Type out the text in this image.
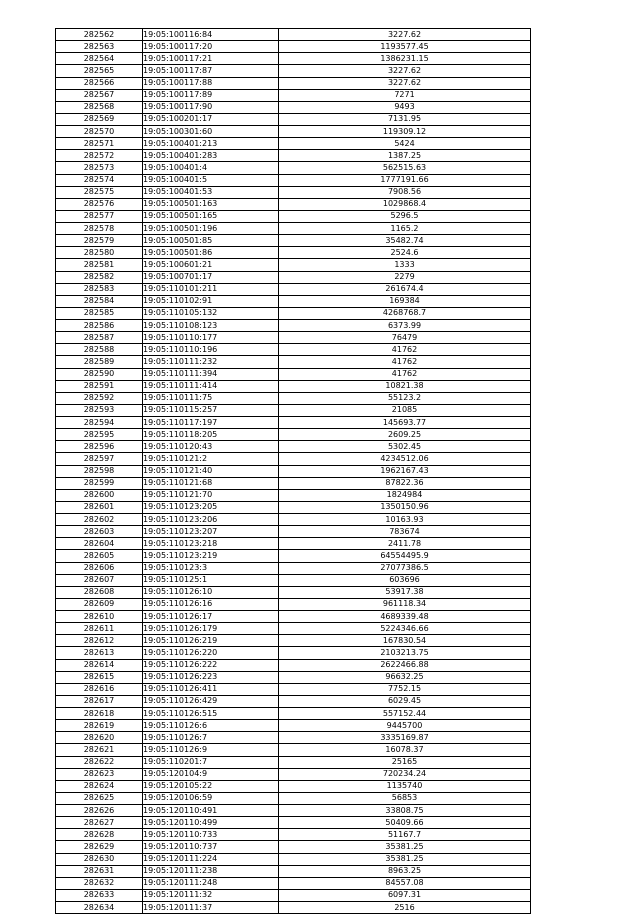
282562	19:05:100116:84	3227.62
282563	19:05:100117:20	1193577.45
282564	19:05:100117:21	1386231.15
282565	19:05:100117:87	3227.62
282566	19:05:100117:88	3227.62
282567	19:05:100117:89	7271
282568	19:05:100117:90	9493
282569	19:05:100201:17	7131.95
282570	19:05:100301:60	119309.12
282571	19:05:100401:213	5424
282572	19:05:100401:283	1387.25
282573	19:05:100401:4	562515.63
282574	19:05:100401:5	1777191.66
282575	19:05:100401:53	7908.56
282576	19:05:100501:163	1029868.4
282577	19:05:100501:165	5296.5
282578	19:05:100501:196	1165.2
282579	19:05:100501:85	35482.74
282580	19:05:100501:86	2524.6
282581	19:05:100601:21	1333
282582	19:05:100701:17	2279
282583	19:05:110101:211	261674.4
282584	19:05:110102:91	169384
282585	19:05:110105:132	4268768.7
282586	19:05:110108:123	6373.99
282587	19:05:110110:177	76479
282588	19:05:110110:196	41762
282589	19:05:110111:232	41762
282590	19:05:110111:394	41762
282591	19:05:110111:414	10821.38
282592	19:05:110111:75	55123.2
282593	19:05:110115:257	21085
282594	19:05:110117:197	145693.77
282595	19:05:110118:205	2609.25
282596	19:05:110120:43	5302.45
282597	19:05:110121:2	4234512.06
282598	19:05:110121:40	1962167.43
282599	19:05:110121:68	87822.36
282600	19:05:110121:70	1824984
282601	19:05:110123:205	1350150.96
282602	19:05:110123:206	10163.93
282603	19:05:110123:207	783674
282604	19:05:110123:218	2411.78
282605	19:05:110123:219	64554495.9
282606	19:05:110123:3	27077386.5
282607	19:05:110125:1	603696
282608	19:05:110126:10	53917.38
282609	19:05:110126:16	961118.34
282610	19:05:110126:17	4689339.48
282611	19:05:110126:179	5224346.66
282612	19:05:110126:219	167830.54
282613	19:05:110126:220	2103213.75
282614	19:05:110126:222	2622466.88
282615	19:05:110126:223	96632.25
282616	19:05:110126:411	7752.15
282617	19:05:110126:429	6029.45
282618	19:05:110126:515	557152.44
282619	19:05:110126:6	9445700
282620	19:05:110126:7	3335169.87
282621	19:05:110126:9	16078.37
282622	19:05:110201:7	25165
282623	19:05:120104:9	720234.24
282624	19:05:120105:22	1135740
282625	19:05:120106:59	56853
282626	19:05:120110:491	33808.75
282627	19:05:120110:499	50409.66
282628	19:05:120110:733	51167.7
282629	19:05:120110:737	35381.25
282630	19:05:120111:224	35381.25
282631	19:05:120111:238	8963.25
282632	19:05:120111:248	84557.08
282633	19:05:120111:32	6097.31
282634	19:05:120111:37	2516
